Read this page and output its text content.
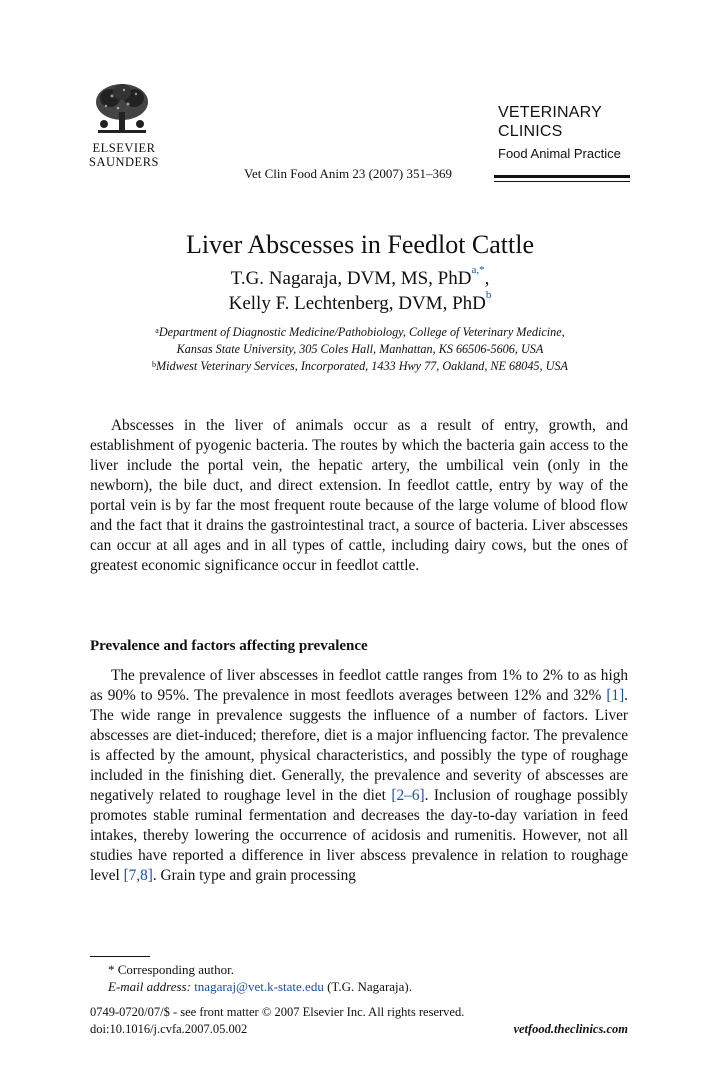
ELSEVIER
SAUNDERS
VETERINARY
CLINICS
Food Animal Practice
Vet Clin Food Anim 23 (2007) 351–369
Liver Abscesses in Feedlot Cattle
T.G. Nagaraja, DVM, MS, PhD$^{a,*}$,
Kelly F. Lechtenberg, DVM, PhD$^b$
$^a$Department of Diagnostic Medicine/Pathobiology, College of Veterinary Medicine,
Kansas State University, 305 Coles Hall, Manhattan, KS 66506-5606, USA
$^b$Midwest Veterinary Services, Incorporated, 1433 Hwy 77, Oakland, NE 68045, USA
Abscesses in the liver of animals occur as a result of entry, growth, and establishment of pyogenic bacteria. The routes by which the bacteria gain access to the liver include the portal vein, the hepatic artery, the umbilical vein (only in the newborn), the bile duct, and direct extension. In feedlot cattle, entry by way of the portal vein is by far the most frequent route because of the large volume of blood flow and the fact that it drains the gastrointestinal tract, a source of bacteria. Liver abscesses can occur at all ages and in all types of cattle, including dairy cows, but the ones of greatest economic significance occur in feedlot cattle.
Prevalence and factors affecting prevalence
The prevalence of liver abscesses in feedlot cattle ranges from 1% to 2% to as high as 90% to 95%. The prevalence in most feedlots averages between 12% and 32% [1]. The wide range in prevalence suggests the influence of a number of factors. Liver abscesses are diet-induced; therefore, diet is a major influencing factor. The prevalence is affected by the amount, physical characteristics, and possibly the type of roughage included in the finishing diet. Generally, the prevalence and severity of abscesses are negatively related to roughage level in the diet [2–6]. Inclusion of roughage possibly promotes stable ruminal fermentation and decreases the day-to-day variation in feed intakes, thereby lowering the occurrence of acidosis and rumenitis. However, not all studies have reported a difference in liver abscess prevalence in relation to roughage level [7,8]. Grain type and grain processing
* Corresponding author.
E-mail address: tnagaraj@vet.k-state.edu (T.G. Nagaraja).
0749-0720/07/$ - see front matter © 2007 Elsevier Inc. All rights reserved.
doi:10.1016/j.cvfa.2007.05.002	vetfood.theclinics.com
